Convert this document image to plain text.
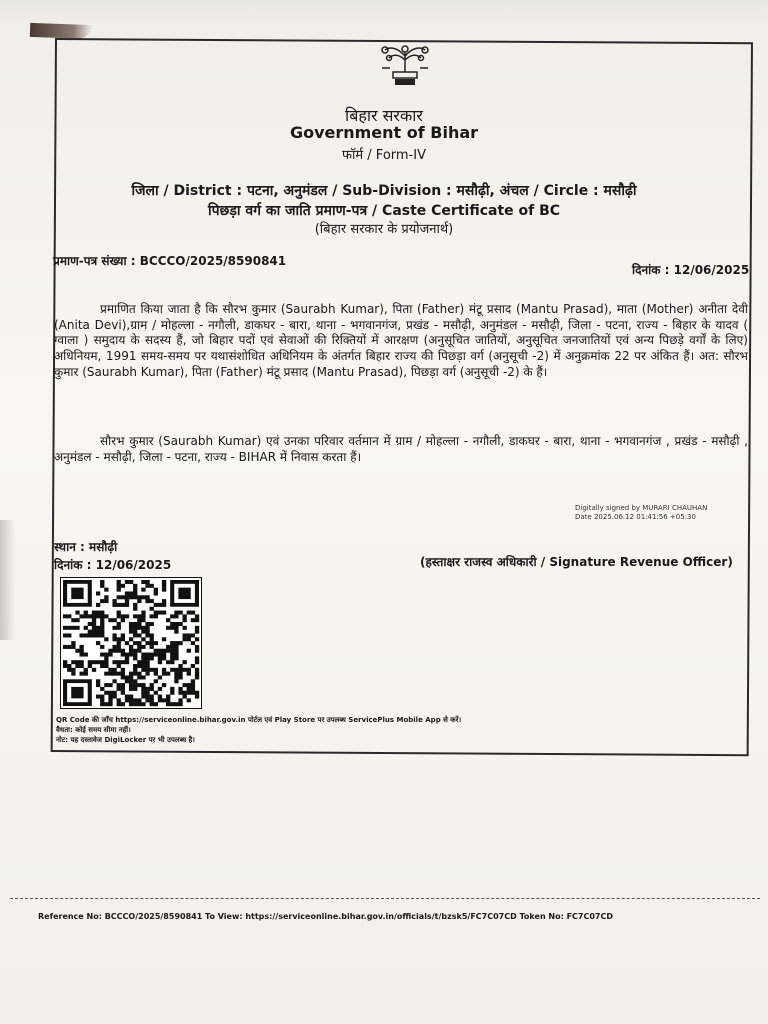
बिहार सरकार
Government of Bihar
फॉर्म / Form-IV
जिला / District : पटना, अनुमंडल / Sub-Division : मसौढ़ी, अंचल / Circle : मसौढ़ी
पिछड़ा वर्ग का जाति प्रमाण-पत्र / Caste Certificate of BC
(बिहार सरकार के प्रयोजनार्थ)
प्रमाण-पत्र संख्या : BCCCO/2025/8590841
दिनांक : 12/06/2025
प्रमाणित किया जाता है कि सौरभ कुमार (Saurabh Kumar), पिता (Father) मंटू प्रसाद (Mantu Prasad), माता (Mother) अनीता देवी (Anita Devi),ग्राम / मोहल्ला - नगौली, डाकघर - बारा, थाना - भगवानगंज, प्रखंड - मसौढ़ी, अनुमंडल - मसौढ़ी, जिला - पटना, राज्य - बिहार के यादव ( ग्वाला ) समुदाय के सदस्य हैं, जो बिहार पदों एवं सेवाओं की रिक्तियों में आरक्षण (अनुसूचित जातियों, अनुसूचित जनजातियों एवं अन्य पिछड़े वर्गों के लिए) अधिनियम, 1991 समय-समय पर यथासंशोधित अधिनियम के अंतर्गत बिहार राज्य की पिछड़ा वर्ग (अनुसूची -2) में अनुक्रमांक 22 पर अंकित हैं। अत: सौरभ कुमार (Saurabh Kumar), पिता (Father) मंटू प्रसाद (Mantu Prasad), पिछड़ा वर्ग (अनुसूची -2) के हैं।
सौरभ कुमार (Saurabh Kumar) एवं उनका परिवार वर्तमान में ग्राम / मोहल्ला - नगौली, डाकघर - बारा, थाना - भगवानगंज , प्रखंड - मसौढ़ी , अनुमंडल - मसौढ़ी, जिला - पटना, राज्य - BIHAR में निवास करता हैं।
Digitally signed by MURARI CHAUHAN
Date 2025.06.12 01:41:56 +05:30
स्थान : मसौढ़ी
दिनांक : 12/06/2025	(हस्ताक्षर राजस्व अधिकारी / Signature Revenue Officer)
QR Code की जाँच https://serviceonline.bihar.gov.in पोर्टल एवं Play Store पर उपलब्ध ServicePlus Mobile App से करें।
वैधता: कोई समय सीमा नहीं।
नोट: यह दस्तावेज DigiLocker पर भी उपलब्ध है।
Reference No: BCCCO/2025/8590841 To View: https://serviceonline.bihar.gov.in/officials/t/bzsk5/FC7C07CD Token No: FC7C07CD
